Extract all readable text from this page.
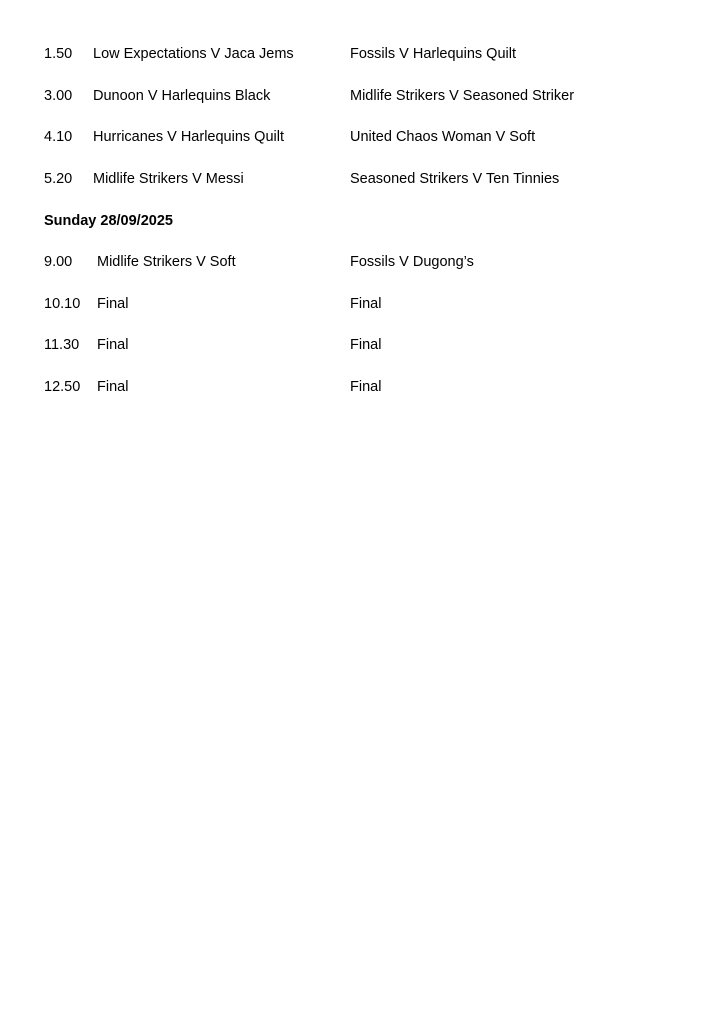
1.50 Low Expectations V Jaca Jems	Fossils V Harlequins Quilt
3.00 Dunoon V Harlequins Black	Midlife Strikers V Seasoned Striker
4.10 Hurricanes V Harlequins Quilt	United Chaos Woman V Soft
5.20 Midlife Strikers V Messi	Seasoned Strikers V Ten Tinnies
Sunday 28/09/2025
9.00 Midlife Strikers V Soft	Fossils V Dugong’s
10.10 Final	Final
11.30 Final	Final
12.50 Final	Final
